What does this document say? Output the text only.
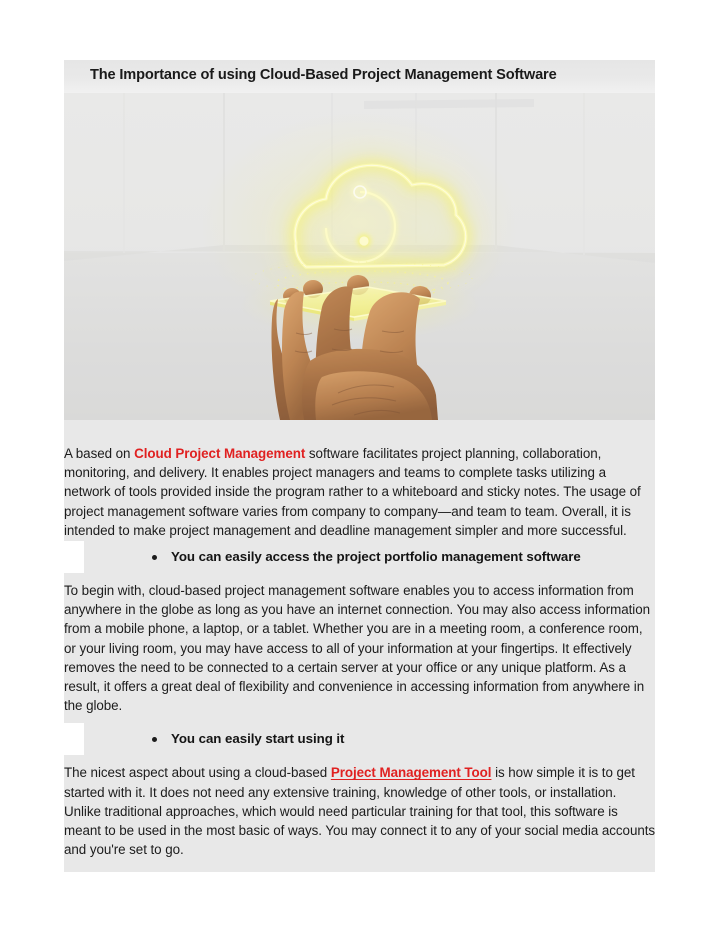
The Importance of using Cloud-Based Project Management Software

A based on Cloud Project Management software facilitates project planning, collaboration, monitoring, and delivery. It enables project managers and teams to complete tasks utilizing a network of tools provided inside the program rather to a whiteboard and sticky notes. The usage of project management software varies from company to company—and team to team. Overall, it is intended to make project management and deadline management simpler and more successful.

You can easily access the project portfolio management software

To begin with, cloud-based project management software enables you to access information from anywhere in the globe as long as you have an internet connection. You may also access information from a mobile phone, a laptop, or a tablet. Whether you are in a meeting room, a conference room, or your living room, you may have access to all of your information at your fingertips. It effectively removes the need to be connected to a certain server at your office or any unique platform. As a result, it offers a great deal of flexibility and convenience in accessing information from anywhere in the globe.

You can easily start using it

The nicest aspect about using a cloud-based Project Management Tool is how simple it is to get started with it. It does not need any extensive training, knowledge of other tools, or installation. Unlike traditional approaches, which would need particular training for that tool, this software is meant to be used in the most basic of ways. You may connect it to any of your social media accounts and you're set to go.
